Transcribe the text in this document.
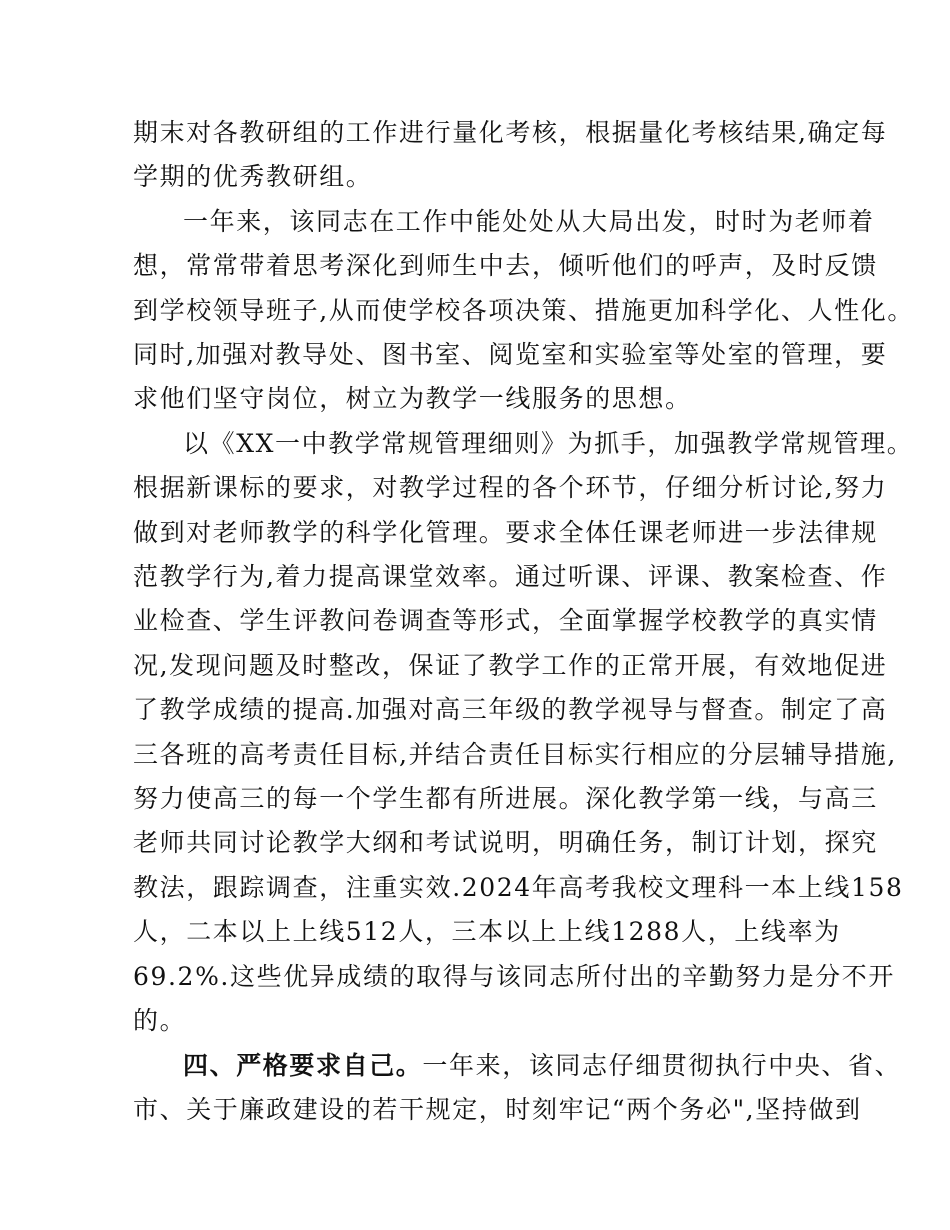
期末对各教研组的工作进行量化考核，根据量化考核结果,确定每
学期的优秀教研组。
一年来，该同志在工作中能处处从大局出发，时时为老师着
想，常常带着思考深化到师生中去，倾听他们的呼声，及时反馈
到学校领导班子,从而使学校各项决策、措施更加科学化、人性化。
同时,加强对教导处、图书室、阅览室和实验室等处室的管理，要
求他们坚守岗位，树立为教学一线服务的思想。
以《XX一中教学常规管理细则》为抓手，加强教学常规管理。
根据新课标的要求，对教学过程的各个环节，仔细分析讨论,努力
做到对老师教学的科学化管理。要求全体任课老师进一步法律规
范教学行为,着力提高课堂效率。通过听课、评课、教案检查、作
业检查、学生评教问卷调查等形式，全面掌握学校教学的真实情
况,发现问题及时整改，保证了教学工作的正常开展，有效地促进
了教学成绩的提高.加强对高三年级的教学视导与督查。制定了高
三各班的高考责任目标,并结合责任目标实行相应的分层辅导措施,
努力使高三的每一个学生都有所进展。深化教学第一线，与高三
老师共同讨论教学大纲和考试说明，明确任务，制订计划，探究
教法，跟踪调查，注重实效.2024年高考我校文理科一本上线158
人，二本以上上线512人，三本以上上线1288人，上线率为
69.2%.这些优异成绩的取得与该同志所付出的辛勤努力是分不开
的。
四、严格要求自己。一年来，该同志仔细贯彻执行中央、省、
市、关于廉政建设的若干规定，时刻牢记“两个务必",坚持做到
